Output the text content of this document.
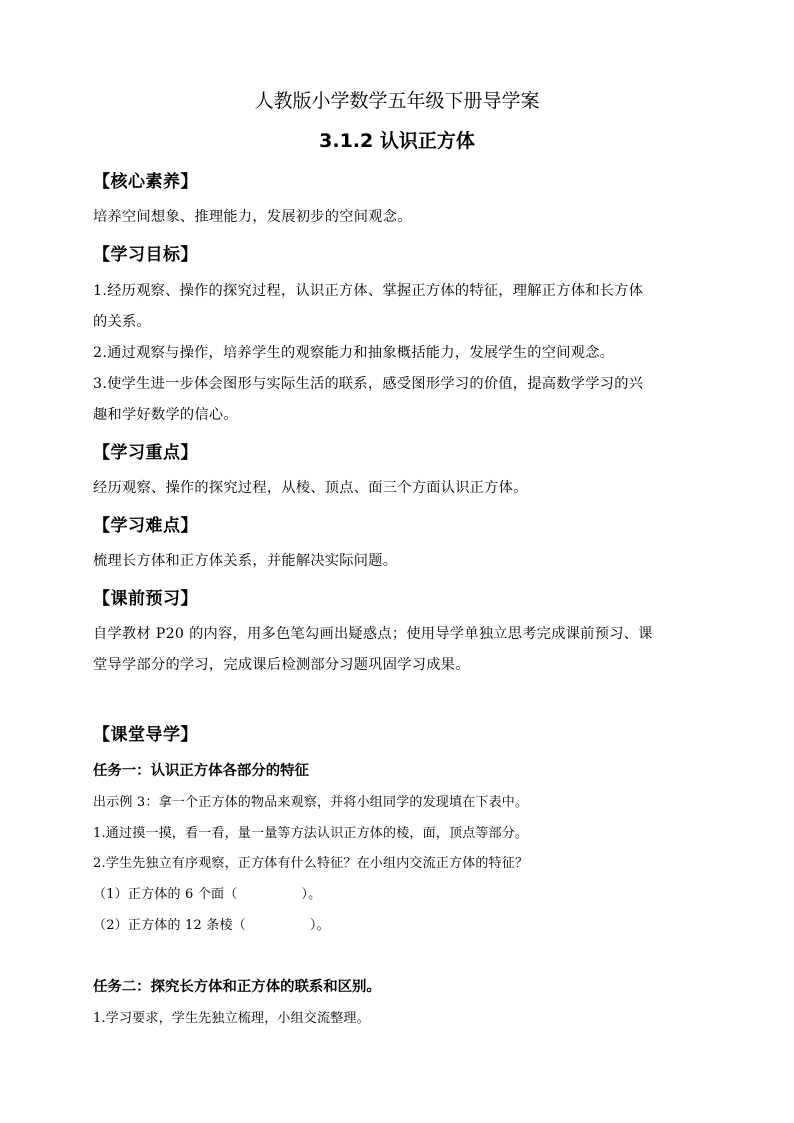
人教版小学数学五年级下册导学案
3.1.2 认识正方体
【核心素养】
培养空间想象、推理能力，发展初步的空间观念。
【学习目标】
1.经历观察、操作的探究过程，认识正方体、掌握正方体的特征，理解正方体和长方体
的关系。
2.通过观察与操作，培养学生的观察能力和抽象概括能力，发展学生的空间观念。
3.使学生进一步体会图形与实际生活的联系，感受图形学习的价值，提高数学学习的兴
趣和学好数学的信心。
【学习重点】
经历观察、操作的探究过程，从棱、顶点、面三个方面认识正方体。
【学习难点】
梳理长方体和正方体关系，并能解决实际问题。
【课前预习】
自学教材 P20 的内容，用多色笔勾画出疑惑点；使用导学单独立思考完成课前预习、课
堂导学部分的学习，完成课后检测部分习题巩固学习成果。
【课堂导学】
任务一：认识正方体各部分的特征
出示例 3：拿一个正方体的物品来观察，并将小组同学的发现填在下表中。
1.通过摸一摸，看一看，量一量等方法认识正方体的棱，面，顶点等部分。
2.学生先独立有序观察，正方体有什么特征？在小组内交流正方体的特征？
（1）正方体的 6 个面（	）。
（2）正方体的 12 条棱（	）。
任务二：探究长方体和正方体的联系和区别。
1.学习要求，学生先独立梳理，小组交流整理。
